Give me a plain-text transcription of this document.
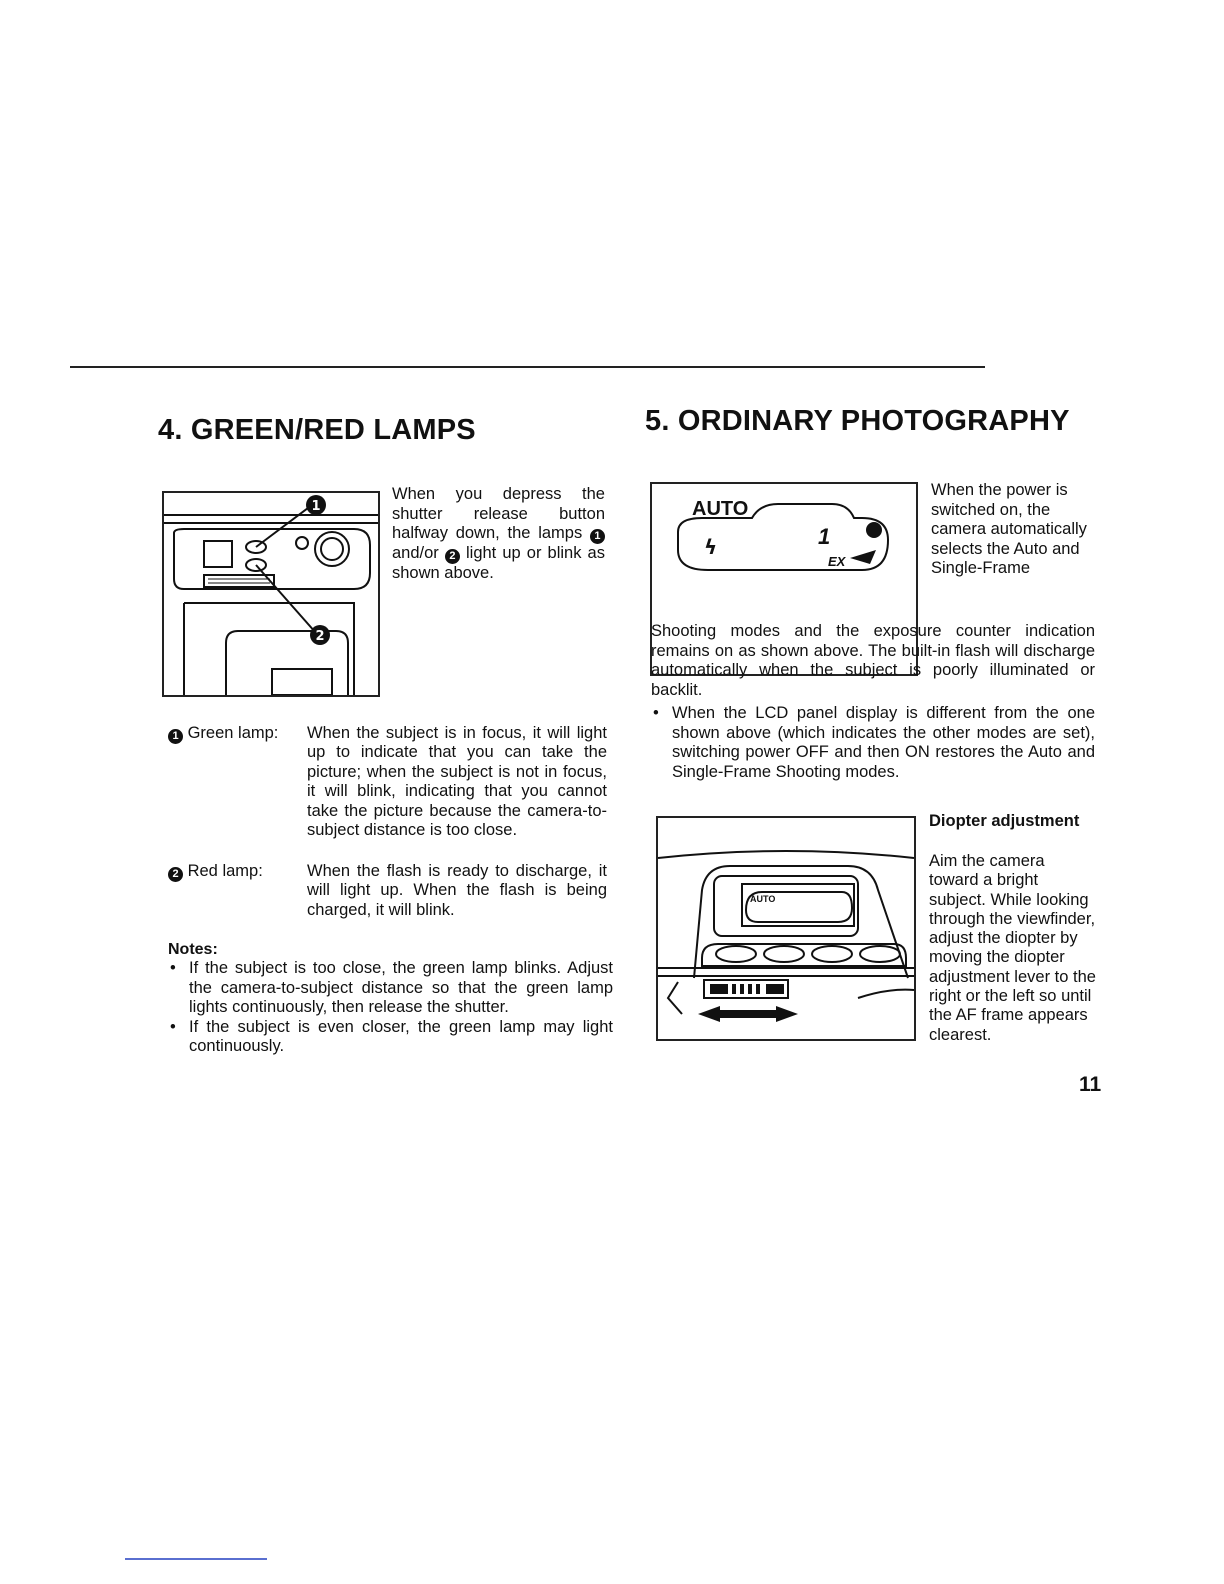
4. GREEN/RED LAMPS
1
2
When you depress the shutter release button halfway down, the lamps 1 and/or 2 light up or blink as shown above.
1 Green lamp: When the subject is in focus, it will light up to indicate that you can take the picture; when the subject is not in focus, it will blink, indicating that you cannot take the picture because the camera-to-subject distance is too close.
2 Red lamp:	When the flash is ready to discharge, it will light up. When the flash is being charged, it will blink.
Notes:
• If the subject is too close, the green lamp blinks. Adjust the camera-to-subject distance so that the green lamp lights continuously, then release the shutter.
• If the subject is even closer, the green lamp may light continuously.
5. ORDINARY PHOTOGRAPHY
AUTO
ϟ	1
EX
When the power is switched on, the camera automatically selects the Auto and Single-Frame
Shooting modes and the exposure counter indication remains on as shown above. The built-in flash will discharge automatically when the subject is poorly illuminated or backlit.
• When the LCD panel display is different from the one shown above (which indicates the other modes are set), switching power OFF and then ON restores the Auto and Single-Frame Shooting modes.
AUTO
Diopter adjustment
Aim the camera toward a bright subject. While looking through the viewfinder, adjust the diopter by moving the diopter adjustment lever to the right or the left so until the AF frame appears clearest.
11
